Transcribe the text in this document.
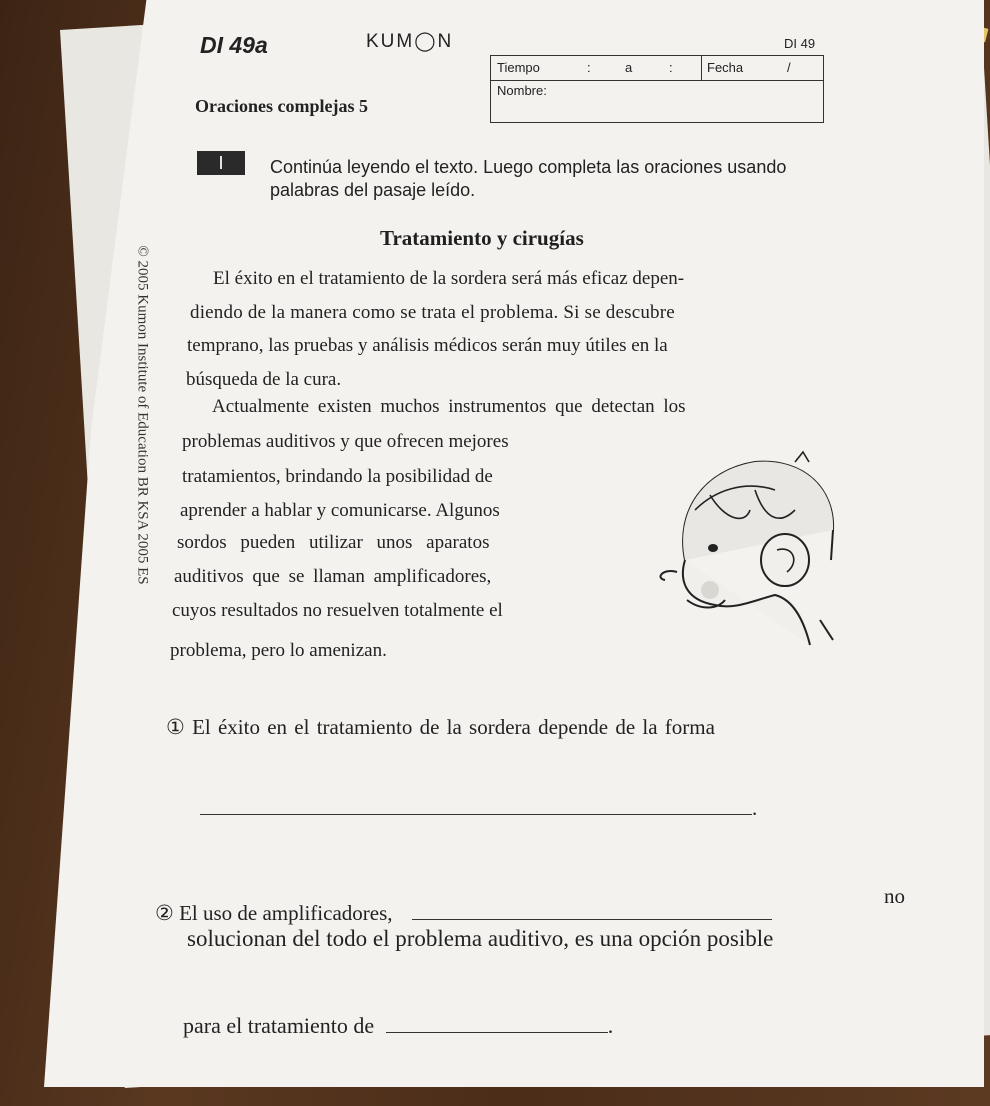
DI 49a	KUM◯N	DI 49
Tiempo	:	a	:	Fecha	/
Nombre:
Oraciones complejas 5
I	Continúa leyendo el texto. Luego completa las oraciones usando palabras del pasaje leído.
© 2005 Kumon Institute of Education BR KSA 2005 ES
Tratamiento y cirugías
El éxito en el tratamiento de la sordera será más eficaz depen-
diendo de la manera como se trata el problema. Si se descubre
temprano, las pruebas y análisis médicos serán muy útiles en la
búsqueda de la cura.
Actualmente existen muchos instrumentos que detectan los
problemas auditivos y que ofrecen mejores
tratamientos, brindando la posibilidad de
aprender a hablar y comunicarse. Algunos
sordos pueden utilizar unos aparatos
auditivos que se llaman amplificadores,
cuyos resultados no resuelven totalmente el
problema, pero lo amenizan.
① El éxito en el tratamiento de la sordera depende de la forma
.
② El uso de amplificadores,
no
solucionan del todo el problema auditivo, es una opción posible
para el tratamiento de	.
